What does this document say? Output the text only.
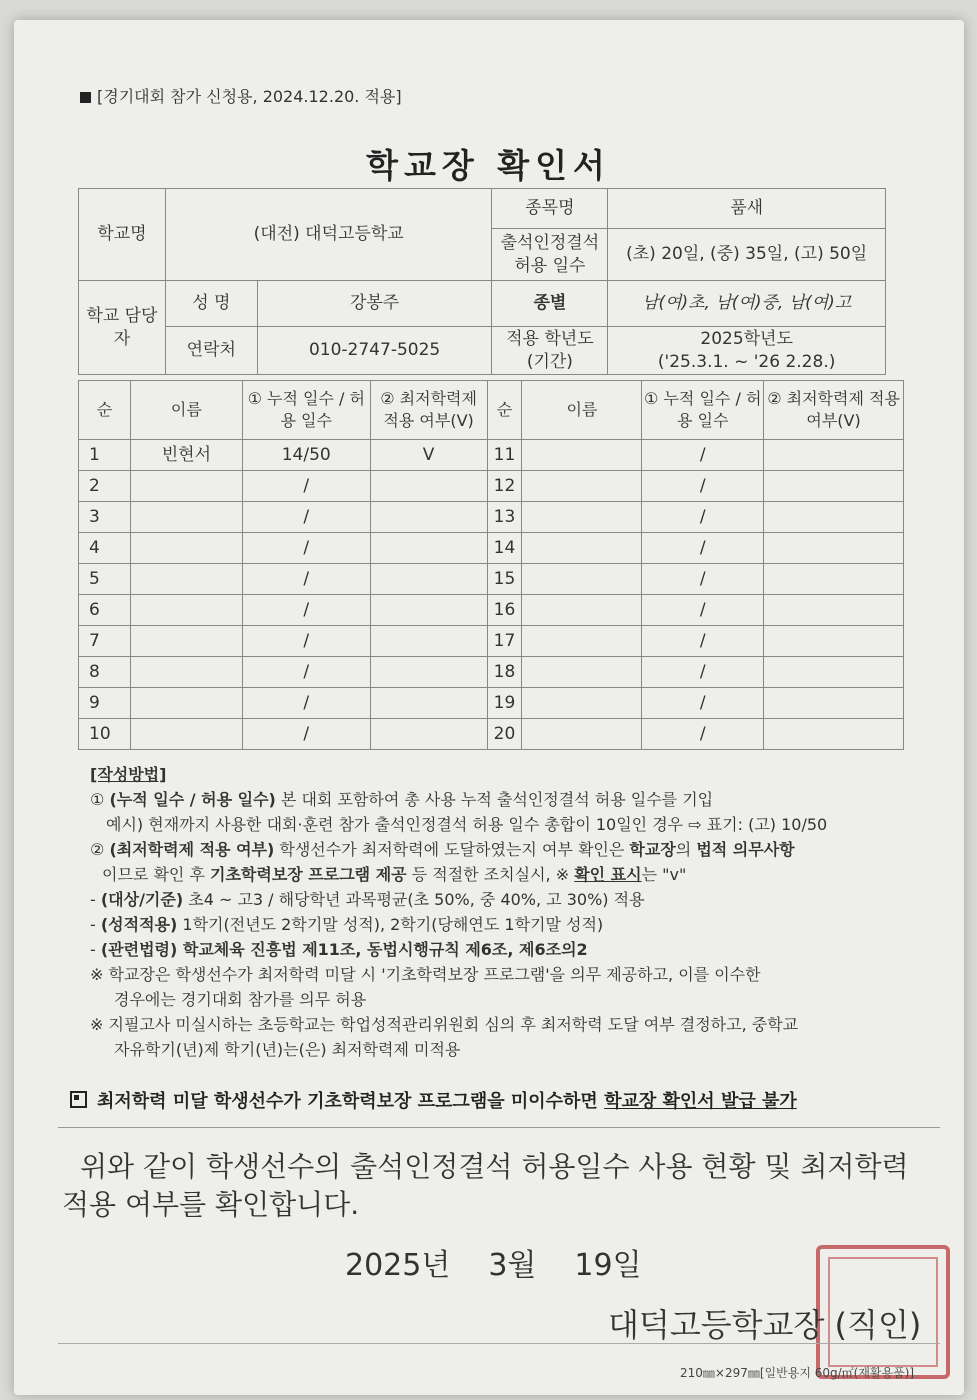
[경기대회 참가 신청용, 2024.12.20. 적용]
학교장 확인서
학교명	(대전) 대덕고등학교		종목명	품새
			출석인정결석 허용 일수	(초) 20일, (중) 35일, (고) 50일
학교 담당자	성 명	강봉주	종별	남(여)초, 남(여)중, 남(여)고
	연락처	010-2747-5025	적용 학년도 (기간)	2025학년도
('25.3.1. ~ '26 2.28.)
순	이름	① 누적 일수 / 허용 일수	② 최저학력제 적용 여부(V)	순	이름	① 누적 일수 / 허용 일수	② 최저학력제 적용 여부(V)
1	빈현서	14/50	V	11		/	
2		/		12		/	
3		/		13		/	
4		/		14		/	
5		/		15		/	
6		/		16		/	
7		/		17		/	
8		/		18		/	
9		/		19		/	
10		/		20		/	
[작성방법]
① (누적 일수 / 허용 일수) 본 대회 포함하여 총 사용 누적 출석인정결석 허용 일수를 기입
예시) 현재까지 사용한 대회·훈련 참가 출석인정결석 허용 일수 총합이 10일인 경우 ⇨ 표기: (고) 10/50
② (최저학력제 적용 여부) 학생선수가 최저학력에 도달하였는지 여부 확인은 학교장의 법적 의무사항
이므로 확인 후 기초학력보장 프로그램 제공 등 적절한 조치실시, ※ 확인 표시는 "v"
- (대상/기준) 초4 ~ 고3 / 해당학년 과목평균(초 50%, 중 40%, 고 30%) 적용
- (성적적용) 1학기(전년도 2학기말 성적), 2학기(당해연도 1학기말 성적)
- (관련법령) 학교체육 진흥법 제11조, 동법시행규칙 제6조, 제6조의2
※ 학교장은 학생선수가 최저학력 미달 시 '기초학력보장 프로그램'을 의무 제공하고, 이를 이수한
경우에는 경기대회 참가를 의무 허용
※ 지필고사 미실시하는 초등학교는 학업성적관리위원회 심의 후 최저학력 도달 여부 결정하고, 중학교
자유학기(년)제 학기(년)는(은) 최저학력제 미적용
최저학력 미달 학생선수가 기초학력보장 프로그램을 미이수하면 학교장 확인서 발급 불가
위와 같이 학생선수의 출석인정결석 허용일수 사용 현황 및 최저학력
적용 여부를 확인합니다.
2025년 3월 19일
대덕고등학교장 (직인)
210㎜×297㎜[일반용지 60g/㎡(재활용품)]
